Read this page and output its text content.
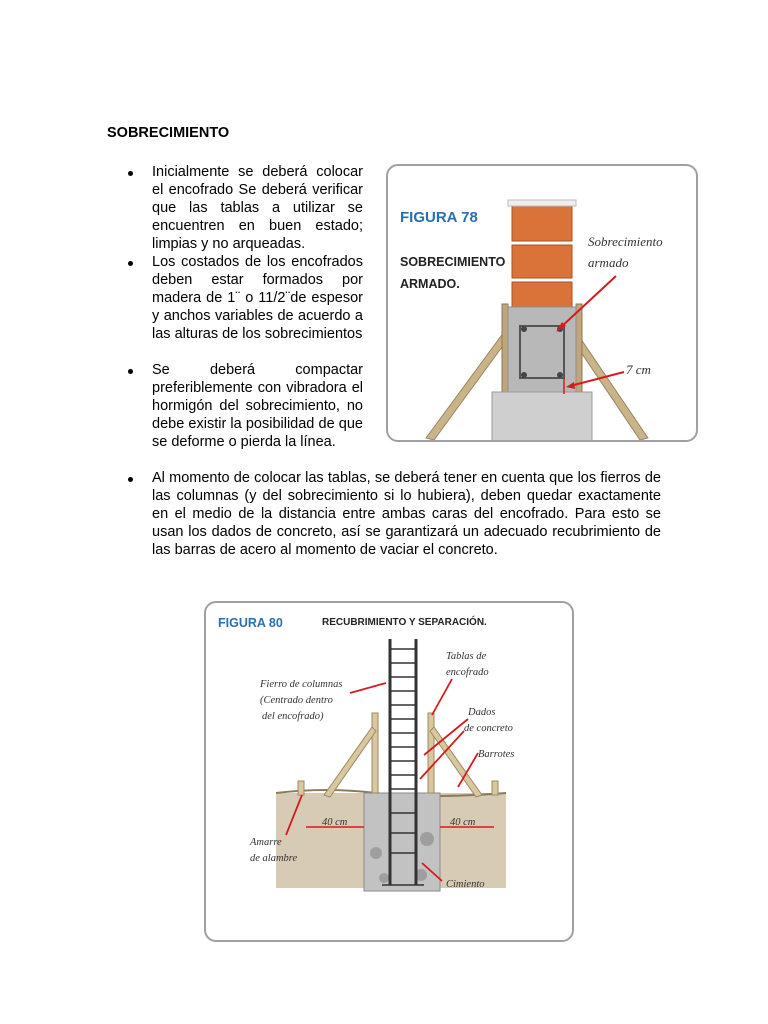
SOBRECIMIENTO
Inicialmente se deberá colocar el encofrado Se deberá verificar que las tablas a utilizar se encuentren en buen estado; limpias y no arqueadas.
Los costados de los encofrados deben estar formados por madera de 1¨ o 11/2¨de espesor y anchos variables de acuerdo a las alturas de los sobrecimientos
Se deberá compactar preferiblemente con vibradora el hormigón del sobrecimiento, no debe existir la posibilidad de que se deforme o pierda la línea.
Al momento de colocar las tablas, se deberá tener en cuenta que los fierros de las columnas (y del sobrecimiento si lo hubiera), deben quedar exactamente en el medio de la distancia entre ambas caras del encofrado. Para esto se usan los dados de concreto, así se garantizará un adecuado recubrimiento de las barras de acero al momento de vaciar el concreto.
FIGURA 78
SOBRECIMIENTO
ARMADO.
Sobrecimiento
armado
7 cm
FIGURA 80	RECUBRIMIENTO Y SEPARACIÓN.
Fierro de columnas
(Centrado dentro
del encofrado)
Tablas de
encofrado
Dados
de concreto
Barrotes
Amarre
de alambre
40 cm	40 cm
Cimiento
